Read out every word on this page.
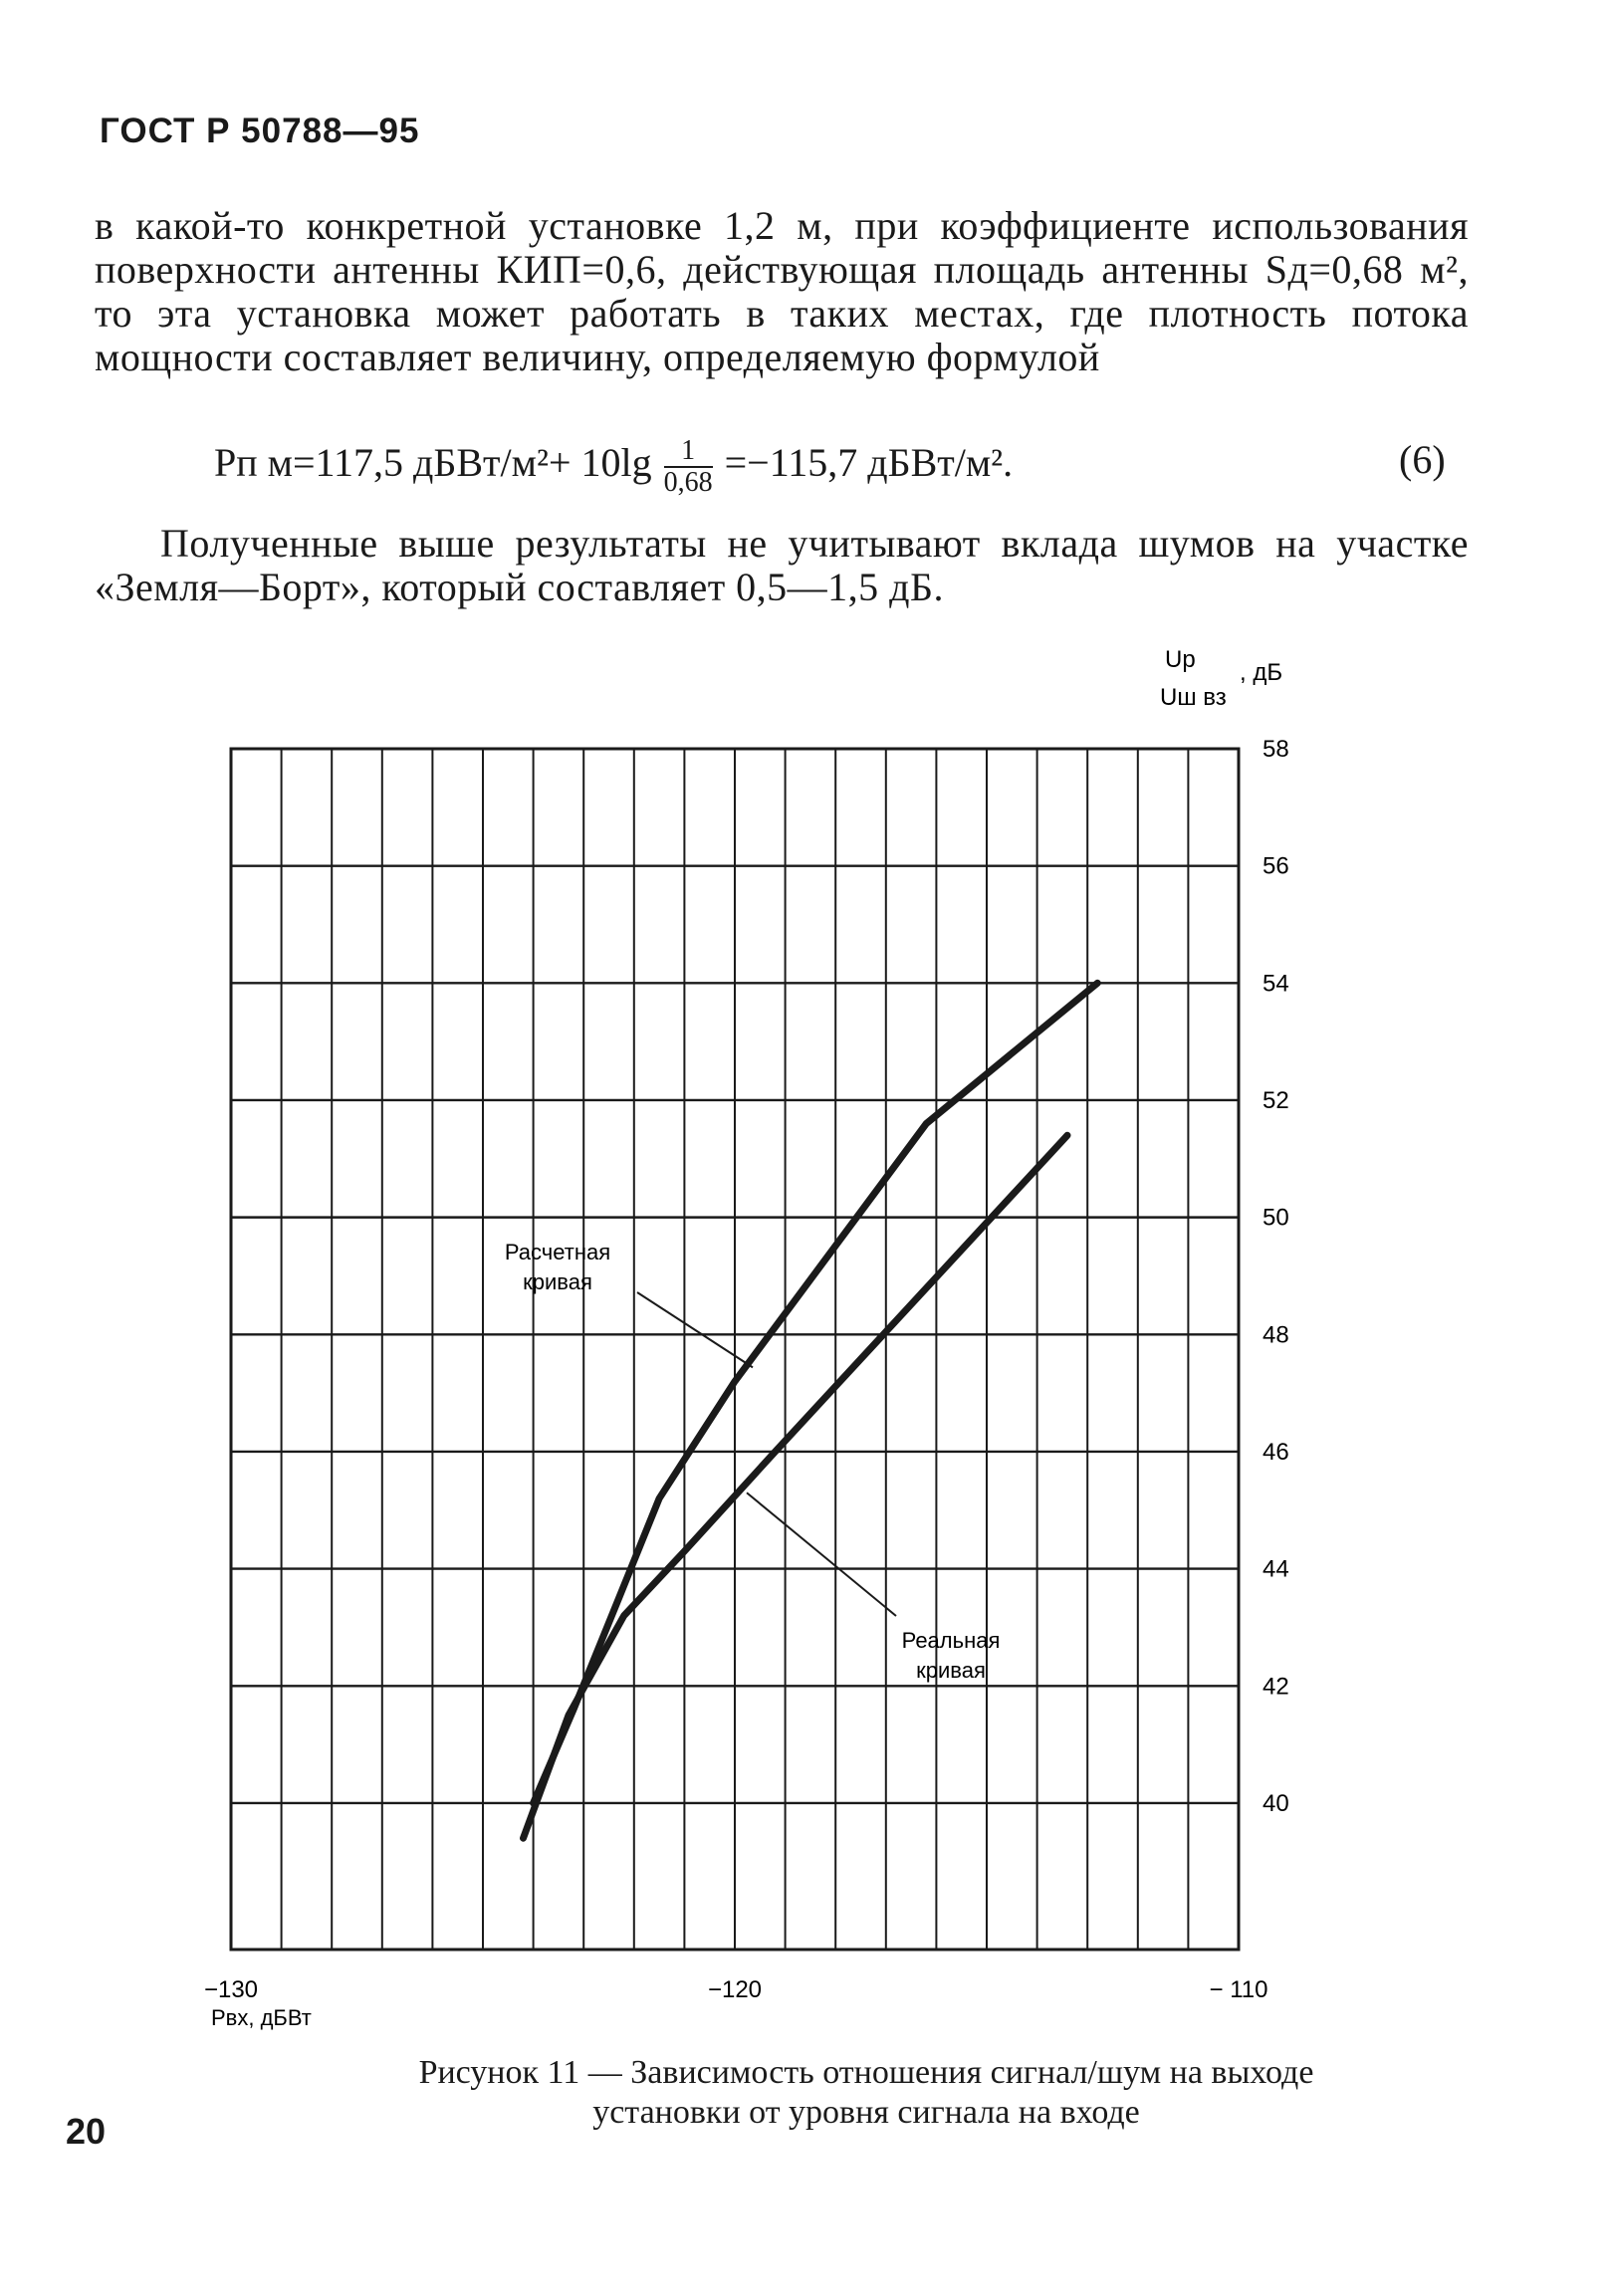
ГОСТ Р 50788—95
в какой-то конкретной установке 1,2 м, при коэффициенте использования поверхности антенны КИП=0,6, действующая площадь антенны Sд=0,68 м², то эта установка может работать в таких местах, где плотность потока мощности составляет величину, определяемую формулой
Pп м=117,5 дБВт/м²+ $10\lg \frac{1}{0,68} =-115,7$ дБВт/м².	(6)
Полученные выше результаты не учитывают вклада шумов на участке «Земля—Борт», который составляет 0,5—1,5 дБ.
Расчетная
кривая
Реальная
кривая
−130	−120	− 110
40
42
44
46
48
50
52
54
56
58
Uр
Uш вз
, дБ
Pвх, дБВт
Рисунок 11 — Зависимость отношения сигнал/шум на выходе
установки от уровня сигнала на входе
20
